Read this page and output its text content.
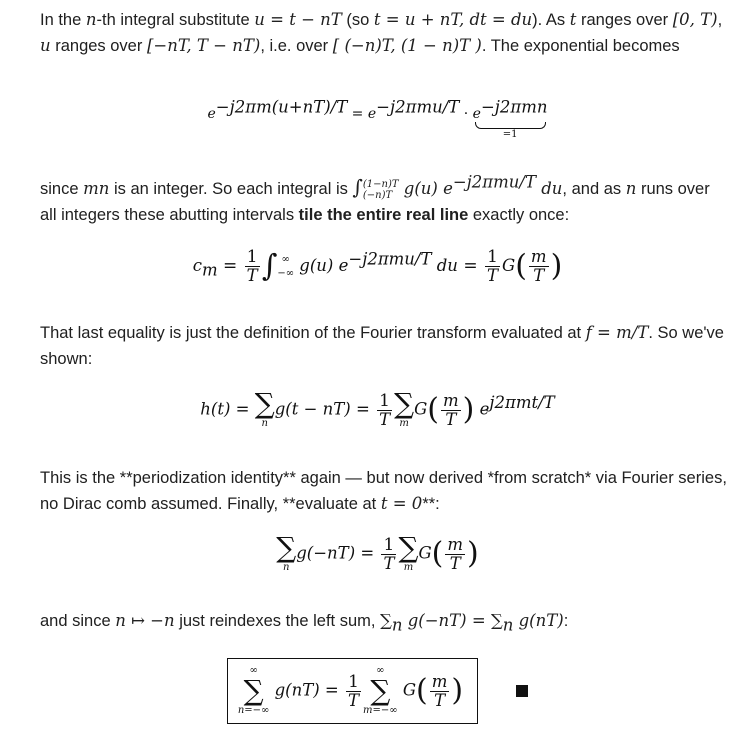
In the n-th integral substitute u = t − nT (so t = u + nT, dt = du). As t ranges over [0, T), u ranges over [−nT, T − nT), i.e. over [ (−n)T, (1 − n)T ). The exponential becomes

$e^{-j2\pi m(u+nT)/T} = e^{-j2\pi mu/T} \cdot e^{-j2\pi mn}$
=1

since mn is an integer. So each integral is ∫ (1−n)T
(−n)T g(u) $e^{-j2\pi mu/T}$ du, and as n runs over all integers these abutting intervals tile the entire real line exactly once:

$c_m = \frac{1}{T}$ ∫ ∞
−∞ g(u) $e^{-j2\pi mu/T}$ du = $\frac{1}{T} G( \frac{m}{T}$ )

That last equality is just the definition of the Fourier transform evaluated at f = m/T. So we've shown:

h(t) = ∑
n
$g(t - nT) = \frac{1}{T}$ ∑
m
$G( \frac{m}{T}$ ) $e^{j2\pi mt/T}$

This is the **periodization identity** again — but now derived *from scratch* via Fourier series, no Dirac comb assumed. Finally, **evaluate at t = 0**:

∑
n
$g(-nT) = \frac{1}{T}$ ∑
m
$G( \frac{m}{T}$ )

and since n ↦ −n just reindexes the left sum, $\sum_n$ $g(-nT) = \sum_n$ g(nT):

∞
∑
n=−∞
$g(nT) = \frac{1}{T}$
∞
∑
m=−∞
$G( \frac{m}{T}$ )
